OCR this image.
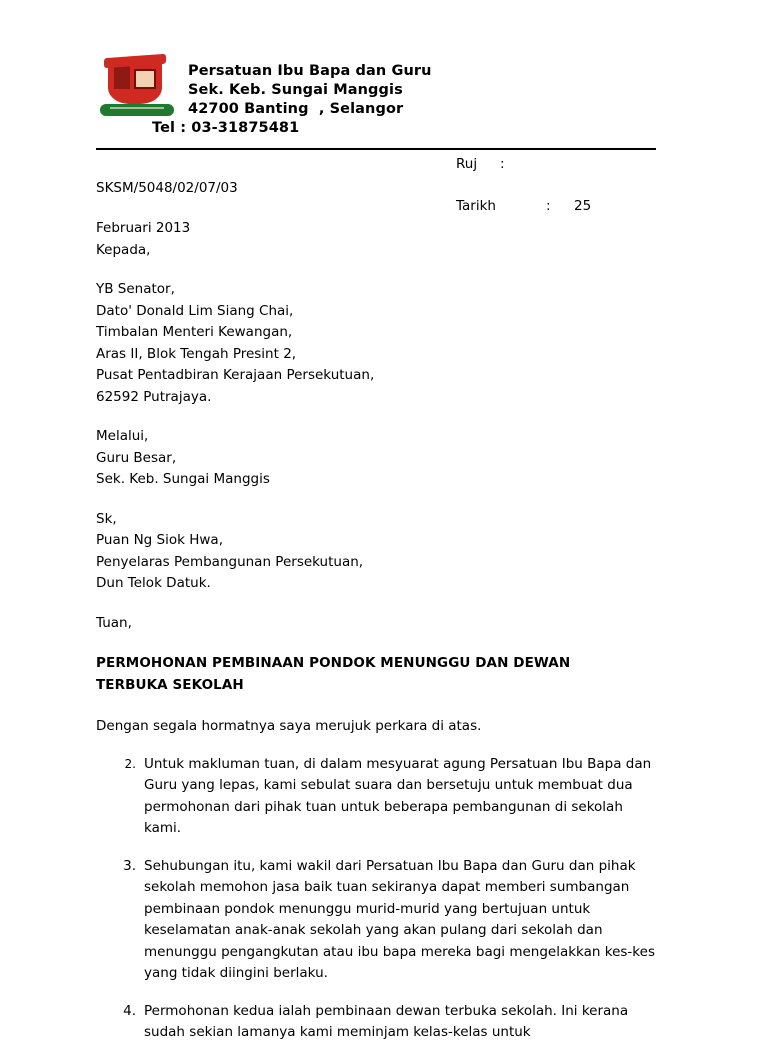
Persatuan Ibu Bapa dan Guru
Sek. Keb. Sungai Manggis
42700 Banting  , Selangor
Tel : 03-31875481
Ruj :
SKSM/5048/02/07/03
Tarikh	: 25
Februari 2013
Kepada,
YB Senator,
Dato' Donald Lim Siang Chai,
Timbalan Menteri Kewangan,
Aras II, Blok Tengah Presint 2,
Pusat Pentadbiran Kerajaan Persekutuan,
62592 Putrajaya.
Melalui,
Guru Besar,
Sek. Keb. Sungai Manggis
Sk,
Puan Ng Siok Hwa,
Penyelaras Pembangunan Persekutuan,
Dun Telok Datuk.
Tuan,
PERMOHONAN PEMBINAAN PONDOK MENUNGGU DAN DEWAN
TERBUKA SEKOLAH
Dengan segala hormatnya saya merujuk perkara di atas.
2. Untuk makluman tuan, di dalam mesyuarat agung Persatuan Ibu Bapa dan Guru yang lepas, kami sebulat suara dan bersetuju untuk membuat dua permohonan dari pihak tuan untuk beberapa pembangunan di sekolah kami.

3. Sehubungan itu, kami wakil dari Persatuan Ibu Bapa dan Guru dan pihak sekolah memohon jasa baik tuan sekiranya dapat memberi sumbangan pembinaan pondok menunggu murid-murid yang bertujuan untuk keselamatan anak-anak sekolah yang akan pulang dari sekolah dan menunggu pengangkutan atau ibu bapa mereka bagi mengelakkan kes-kes yang tidak diingini berlaku.

4. Permohonan kedua ialah pembinaan dewan terbuka sekolah. Ini kerana sudah sekian lamanya kami meminjam kelas-kelas untuk
